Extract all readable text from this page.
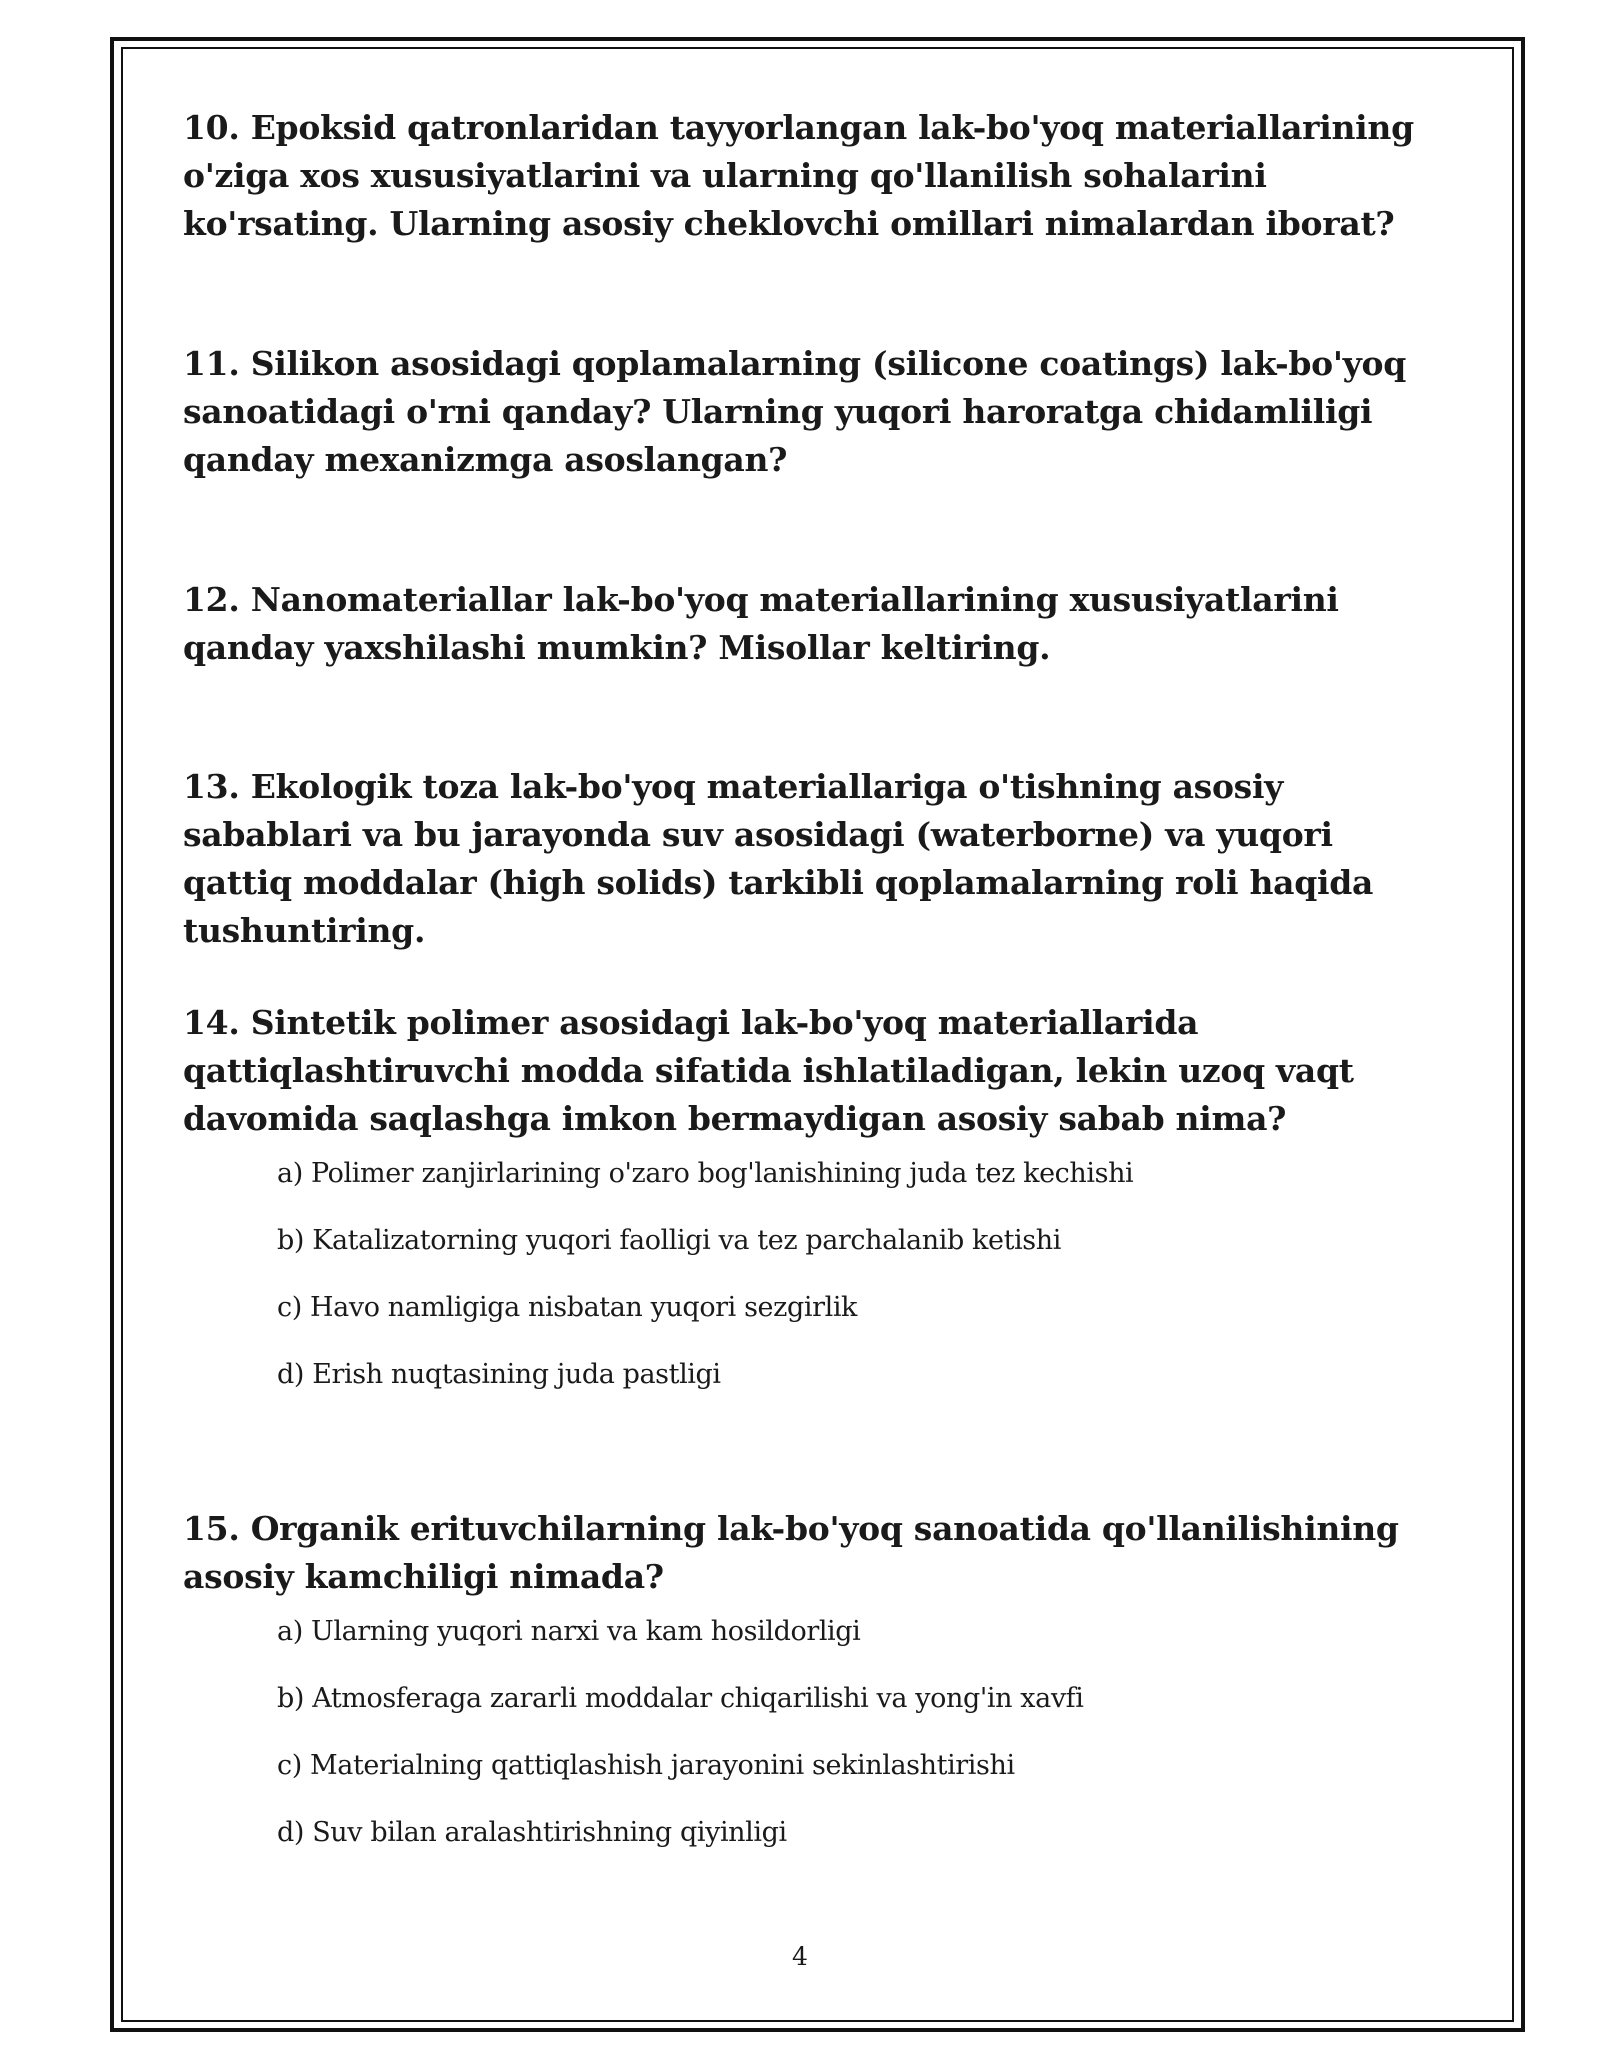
10. Epoksid qatronlaridan tayyorlangan lak-bo'yoq materiallarining o'ziga xos xususiyatlarini va ularning qo'llanilish sohalarini ko'rsating. Ularning asosiy cheklovchi omillari nimalardan iborat?

11. Silikon asosidagi qoplamalarning (silicone coatings) lak-bo'yoq sanoatidagi o'rni qanday? Ularning yuqori haroratga chidamliligi qanday mexanizmga asoslangan?

12. Nanomateriallar lak-bo'yoq materiallarining xususiyatlarini qanday yaxshilashi mumkin? Misollar keltiring.

13. Ekologik toza lak-bo'yoq materiallariga o'tishning asosiy sabablari va bu jarayonda suv asosidagi (waterborne) va yuqori qattiq moddalar (high solids) tarkibli qoplamalarning roli haqida tushuntiring.

14. Sintetik polimer asosidagi lak-bo'yoq materiallarida qattiqlashtiruvchi modda sifatida ishlatiladigan, lekin uzoq vaqt davomida saqlashga imkon bermaydigan asosiy sabab nima?

a) Polimer zanjirlarining o'zaro bog'lanishining juda tez kechishi
b) Katalizatorning yuqori faolligi va tez parchalanib ketishi
c) Havo namligiga nisbatan yuqori sezgirlik
d) Erish nuqtasining juda pastligi

15. Organik erituvchilarning lak-bo'yoq sanoatida qo'llanilishining asosiy kamchiligi nimada?

a) Ularning yuqori narxi va kam hosildorligi
b) Atmosferaga zararli moddalar chiqarilishi va yong'in xavfi
c) Materialning qattiqlashish jarayonini sekinlashtirishi
d) Suv bilan aralashtirishning qiyinligi
4
